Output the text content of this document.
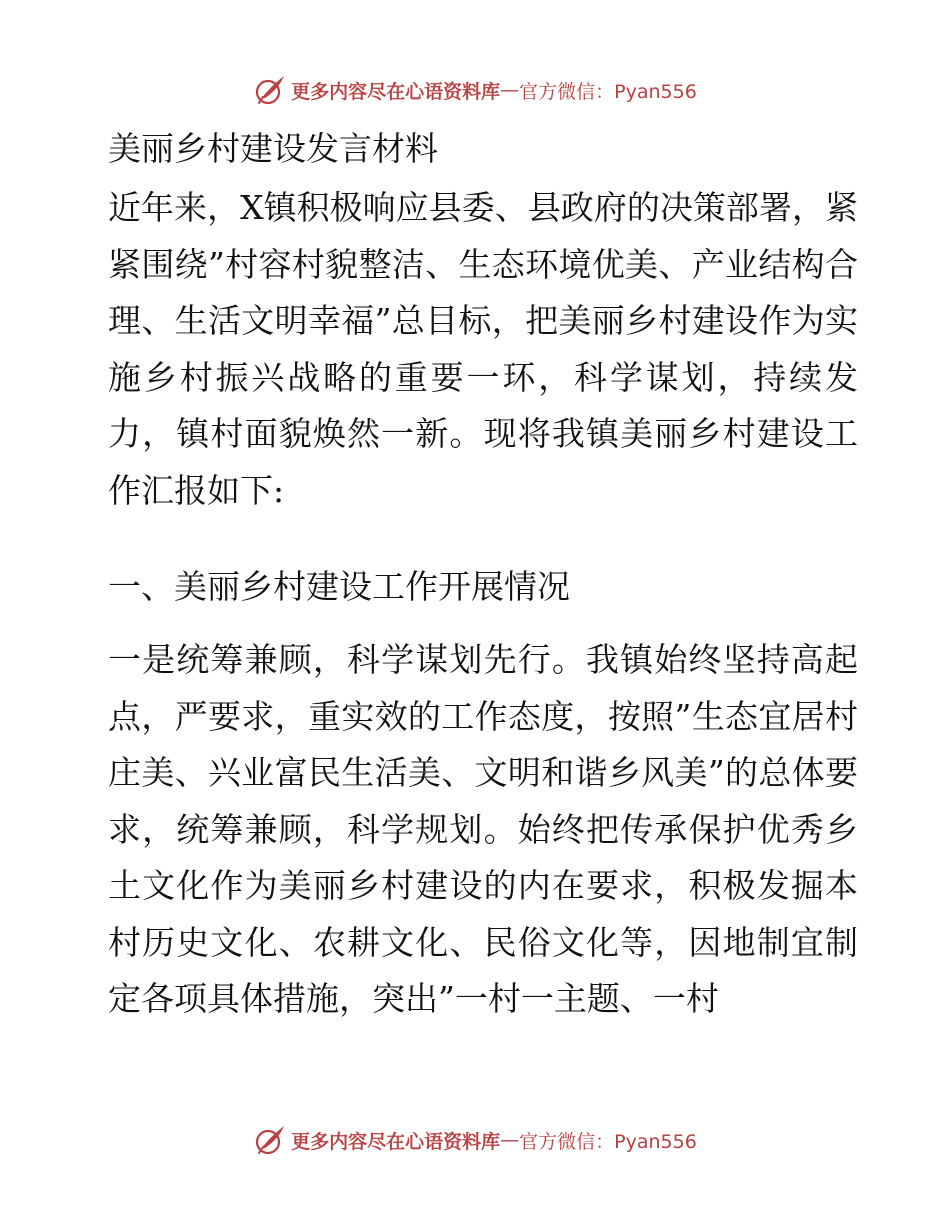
更多内容尽在心语资料库 — 官方微信：Pyan556
美丽乡村建设发言材料

近年来，X镇积极响应县委、县政府的决策部署，紧紧围绕”村容村貌整洁、生态环境优美、产业结构合理、生活文明幸福”总目标，把美丽乡村建设作为实施乡村振兴战略的重要一环，科学谋划，持续发力，镇村面貌焕然一新。现将我镇美丽乡村建设工作汇报如下:

一、美丽乡村建设工作开展情况

一是统筹兼顾，科学谋划先行。我镇始终坚持高起点，严要求，重实效的工作态度，按照”生态宜居村庄美、兴业富民生活美、文明和谐乡风美”的总体要求，统筹兼顾，科学规划。始终把传承保护优秀乡土文化作为美丽乡村建设的内在要求，积极发掘本村历史文化、农耕文化、民俗文化等，因地制宜制定各项具体措施，突出”一村一主题、一村

更多内容尽在心语资料库 — 官方微信：Pyan556
